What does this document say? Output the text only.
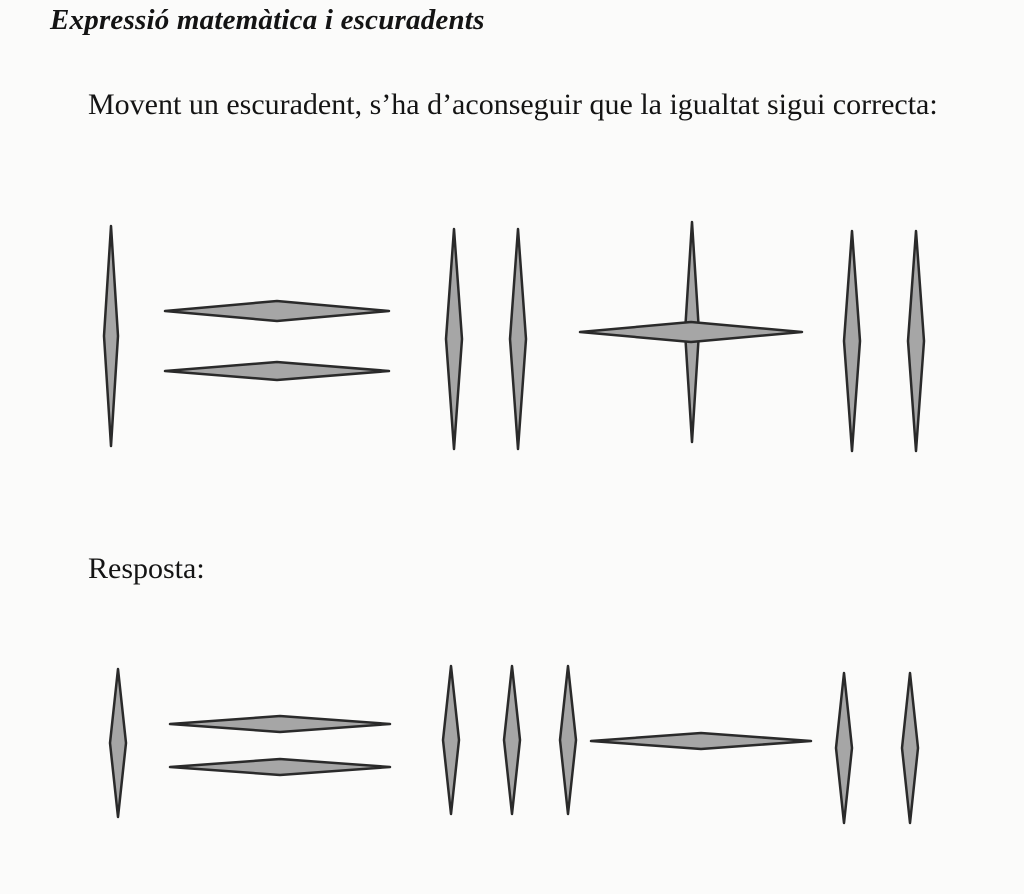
Expressió matemàtica i escuradents

Movent un escuradent, s’ha d’aconseguir que la igualtat sigui correcta:

Resposta:
